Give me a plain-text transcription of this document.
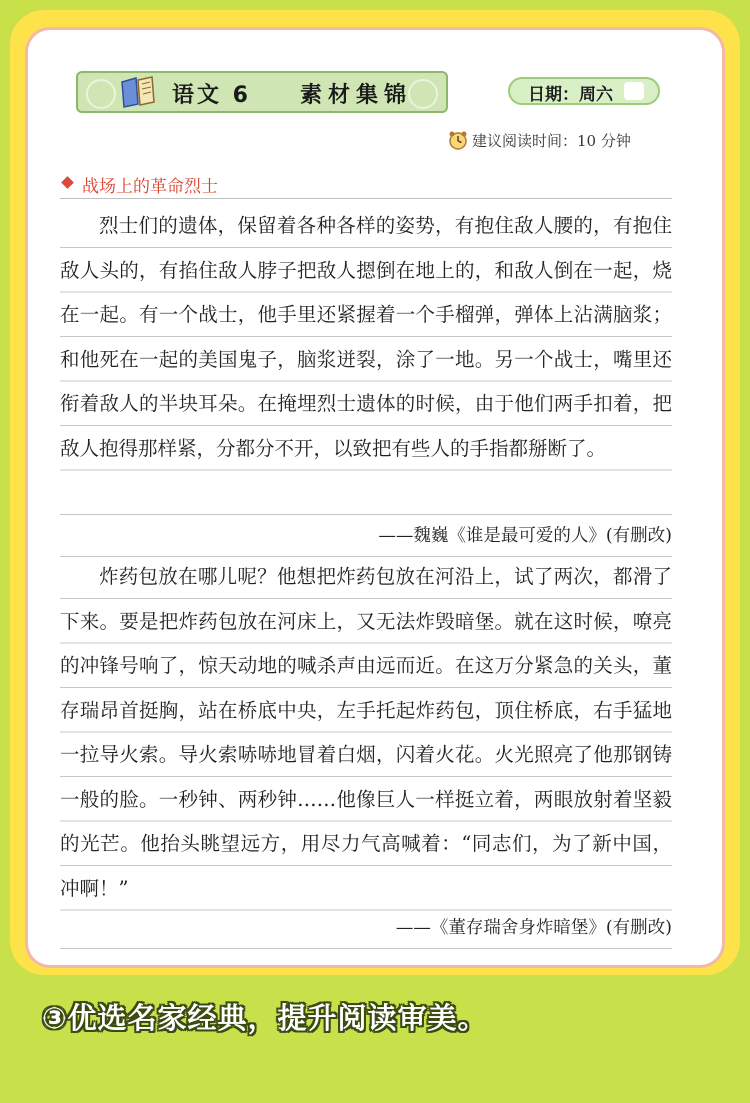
语文 6 素材集锦	日期：周六
建议阅读时间：10 分钟
战场上的革命烈士

烈士们的遗体，保留着各种各样的姿势，有抱住敌人腰的，有抱住敌人头的，有掐住敌人脖子把敌人摁倒在地上的，和敌人倒在一起，烧在一起。有一个战士，他手里还紧握着一个手榴弹，弹体上沾满脑浆；和他死在一起的美国鬼子，脑浆迸裂，涂了一地。另一个战士，嘴里还衔着敌人的半块耳朵。在掩埋烈士遗体的时候，由于他们两手扣着，把敌人抱得那样紧，分都分不开，以致把有些人的手指都掰断了。

——魏巍《谁是最可爱的人》(有删改)

炸药包放在哪儿呢？他想把炸药包放在河沿上，试了两次，都滑了下来。要是把炸药包放在河床上，又无法炸毁暗堡。就在这时候，嘹亮的冲锋号响了，惊天动地的喊杀声由远而近。在这万分紧急的关头，董存瑞昂首挺胸，站在桥底中央，左手托起炸药包，顶住桥底，右手猛地一拉导火索。导火索哧哧地冒着白烟，闪着火花。火光照亮了他那钢铸一般的脸。一秒钟、两秒钟……他像巨人一样挺立着，两眼放射着坚毅的光芒。他抬头眺望远方，用尽力气高喊着：“同志们，为了新中国，冲啊！”

——《董存瑞舍身炸暗堡》(有删改)
③优选名家经典，提升阅读审美。
